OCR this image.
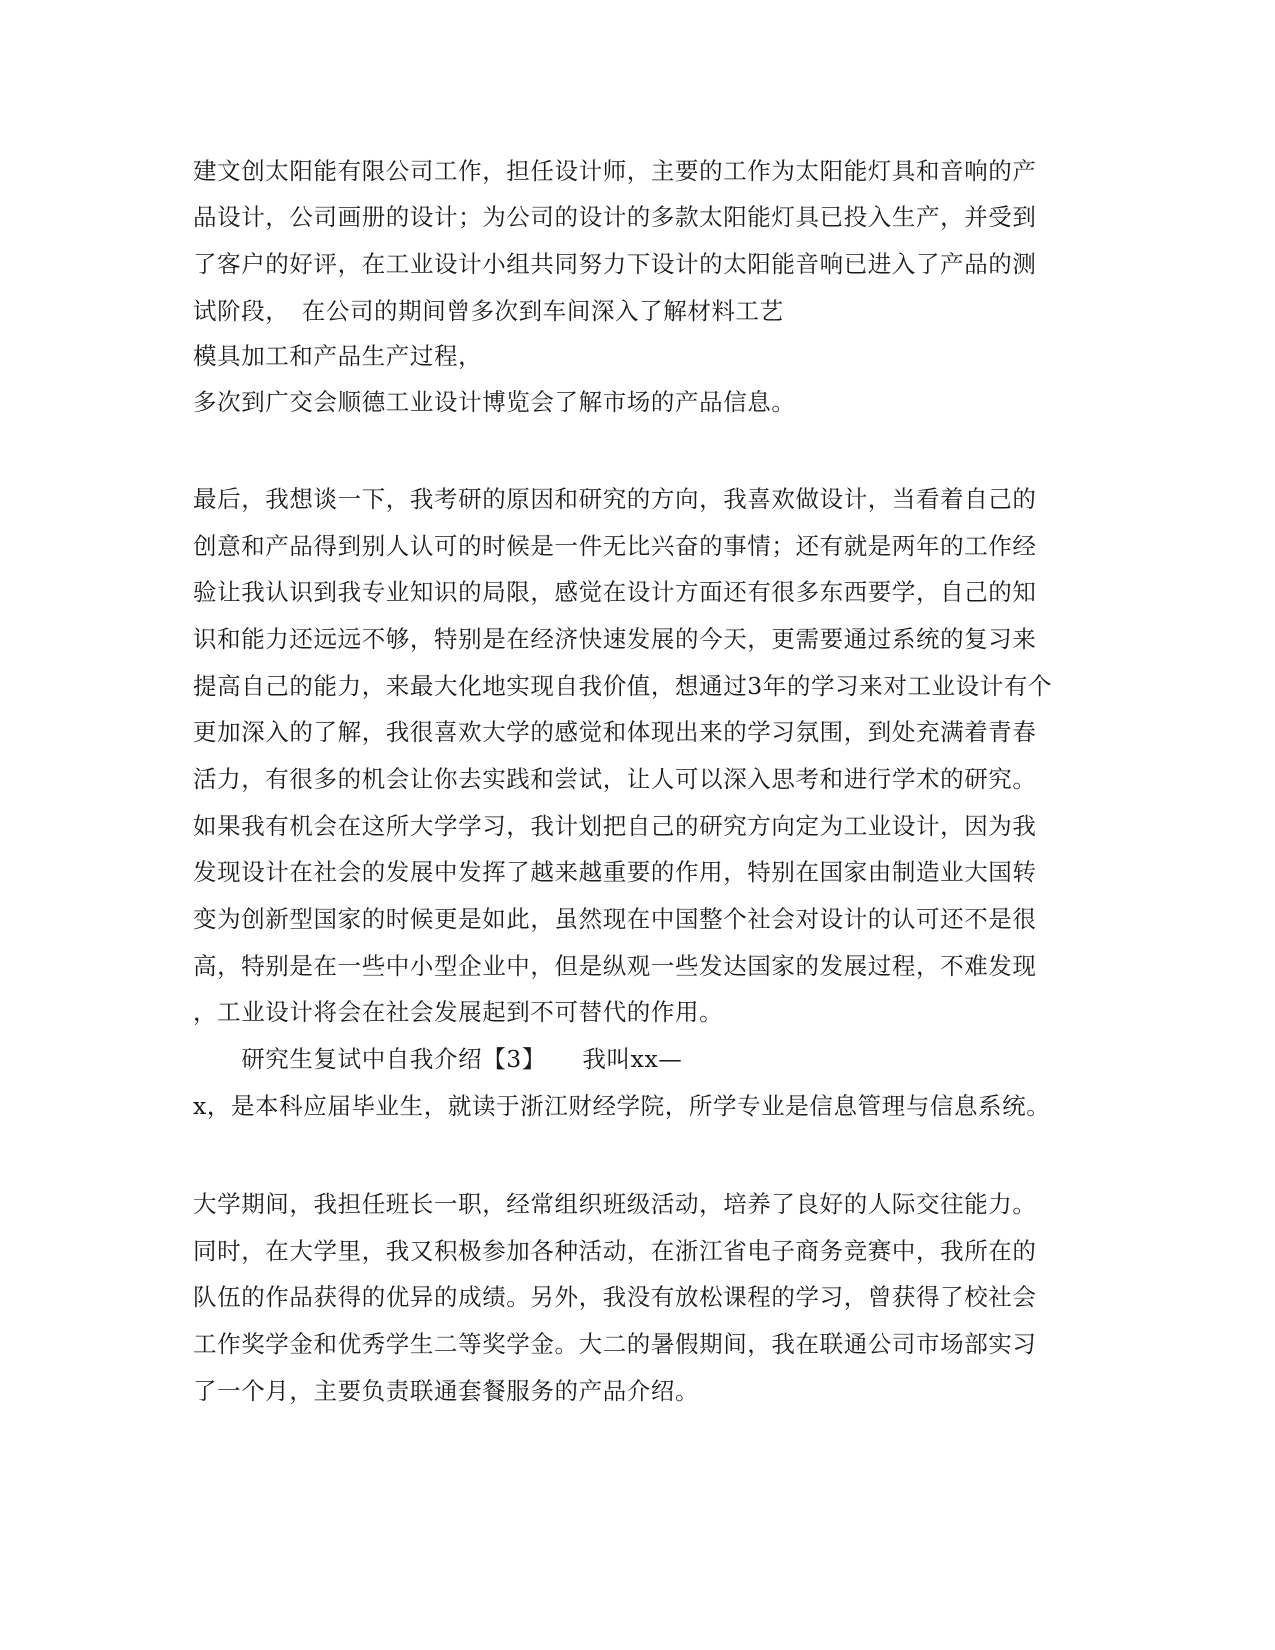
建文创太阳能有限公司工作，担任设计师，主要的工作为太阳能灯具和音响的产
品设计，公司画册的设计；为公司的设计的多款太阳能灯具已投入生产，并受到
了客户的好评，在工业设计小组共同努力下设计的太阳能音响已进入了产品的测
试阶段，　在公司的期间曾多次到车间深入了解材料工艺
模具加工和产品生产过程，
多次到广交会顺德工业设计博览会了解市场的产品信息。
最后，我想谈一下，我考研的原因和研究的方向，我喜欢做设计，当看着自己的
创意和产品得到别人认可的时候是一件无比兴奋的事情；还有就是两年的工作经
验让我认识到我专业知识的局限，感觉在设计方面还有很多东西要学，自己的知
识和能力还远远不够，特别是在经济快速发展的今天，更需要通过系统的复习来
提高自己的能力，来最大化地实现自我价值，想通过3年的学习来对工业设计有个
更加深入的了解，我很喜欢大学的感觉和体现出来的学习氛围，到处充满着青春
活力，有很多的机会让你去实践和尝试，让人可以深入思考和进行学术的研究。
如果我有机会在这所大学学习，我计划把自己的研究方向定为工业设计，因为我
发现设计在社会的发展中发挥了越来越重要的作用，特别在国家由制造业大国转
变为创新型国家的时候更是如此，虽然现在中国整个社会对设计的认可还不是很
高，特别是在一些中小型企业中，但是纵观一些发达国家的发展过程，不难发现
，工业设计将会在社会发展起到不可替代的作用。
　　研究生复试中自我介绍【3】　　我叫xx—
x，是本科应届毕业生，就读于浙江财经学院，所学专业是信息管理与信息系统。
大学期间，我担任班长一职，经常组织班级活动，培养了良好的人际交往能力。
同时，在大学里，我又积极参加各种活动，在浙江省电子商务竞赛中，我所在的
队伍的作品获得的优异的成绩。另外，我没有放松课程的学习，曾获得了校社会
工作奖学金和优秀学生二等奖学金。大二的暑假期间，我在联通公司市场部实习
了一个月，主要负责联通套餐服务的产品介绍。
